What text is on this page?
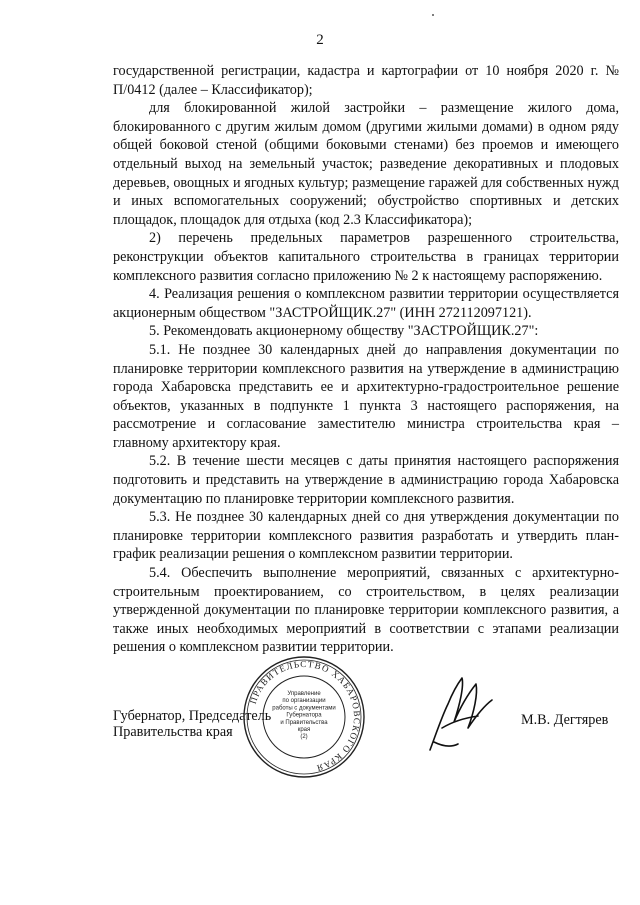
2

государственной регистрации, кадастра и картографии от 10 ноября 2020 г. № П/0412 (далее – Классификатор);

для блокированной жилой застройки – размещение жилого дома, блокированного с другим жилым домом (другими жилыми домами) в одном ряду общей боковой стеной (общими боковыми стенами) без проемов и имеющего отдельный выход на земельный участок; разведение декоративных и плодовых деревьев, овощных и ягодных культур; размещение гаражей для собственных нужд и иных вспомогательных сооружений; обустройство спортивных и детских площадок, площадок для отдыха (код 2.3 Классификатора);

2) перечень предельных параметров разрешенного строительства, реконструкции объектов капитального строительства в границах территории комплексного развития согласно приложению № 2 к настоящему распоряжению.

4. Реализация решения о комплексном развитии территории осуществляется акционерным обществом "ЗАСТРОЙЩИК.27" (ИНН 272112097121).

5. Рекомендовать акционерному обществу "ЗАСТРОЙЩИК.27":

5.1. Не позднее 30 календарных дней до направления документации по планировке территории комплексного развития на утверждение в администрацию города Хабаровска представить ее и архитектурно-градостроительное решение объектов, указанных в подпункте 1 пункта 3 настоящего распоряжения, на рассмотрение и согласование заместителю министра строительства края – главному архитектору края.

5.2. В течение шести месяцев с даты принятия настоящего распоряжения подготовить и представить на утверждение в администрацию города Хабаровска документацию по планировке территории комплексного развития.

5.3. Не позднее 30 календарных дней со дня утверждения документации по планировке территории комплексного развития разработать и утвердить план-график реализации решения о комплексном развитии территории.

5.4. Обеспечить выполнение мероприятий, связанных с архитектурно-строительным проектированием, со строительством, в целях реализации утвержденной документации по планировке территории комплексного развития, а также иных необходимых мероприятий в соответствии с этапами реализации решения о комплексном развитии территории.

Губернатор, Председатель
Правительства края
ПРАВИТЕЛЬСТВО ХАБАРОВСКОГО КРАЯ
Управление
по организации
работы с документами
Губернатора
и Правительства
края
(2)
М.В. Дегтярев
